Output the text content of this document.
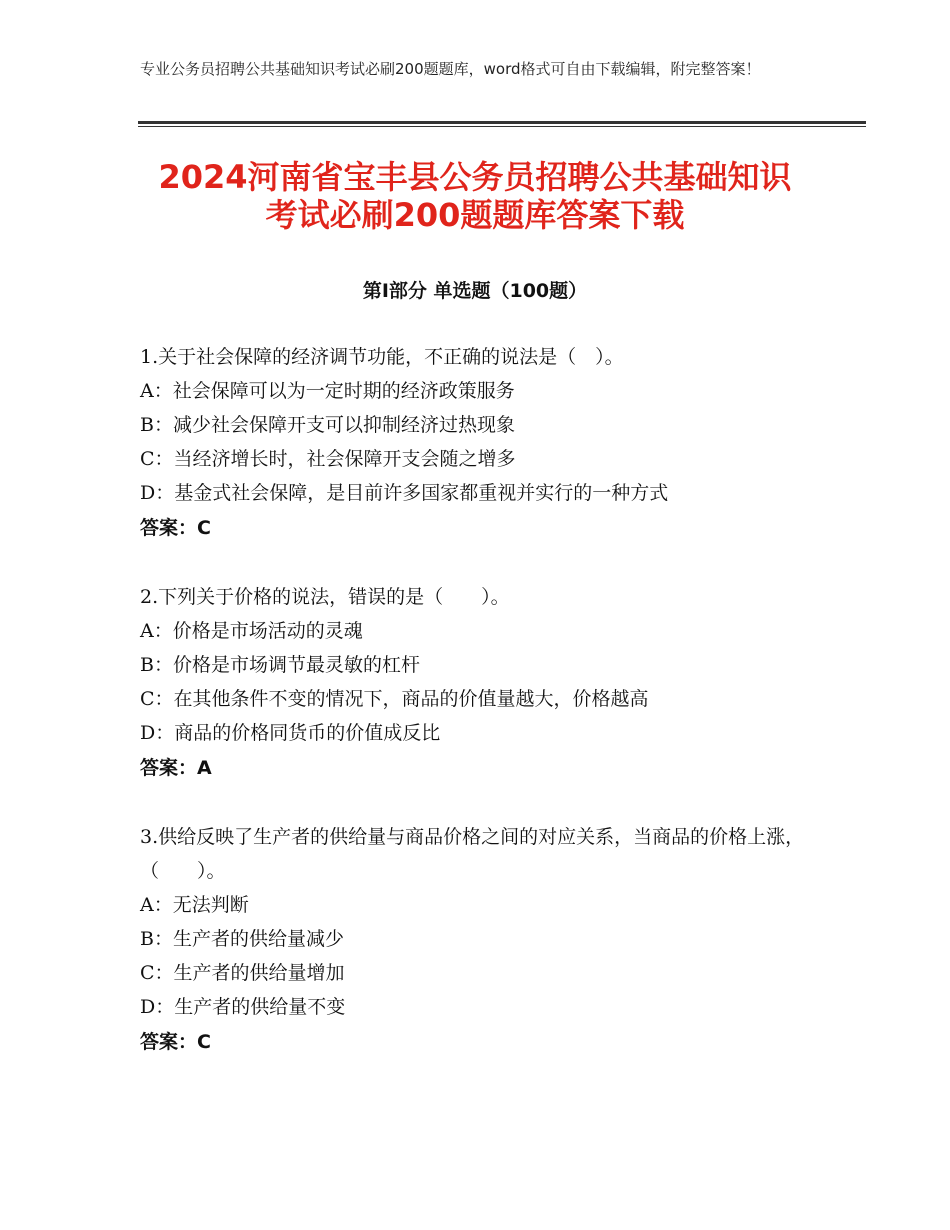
专业公务员招聘公共基础知识考试必刷200题题库，word格式可自由下载编辑，附完整答案！
2024河南省宝丰县公务员招聘公共基础知识
考试必刷200题题库答案下载
第Ⅰ部分 单选题（100题）

1.关于社会保障的经济调节功能，不正确的说法是（　）。

A：社会保障可以为一定时期的经济政策服务

B：减少社会保障开支可以抑制经济过热现象

C：当经济增长时，社会保障开支会随之增多

D：基金式社会保障，是目前许多国家都重视并实行的一种方式

答案：C

2.下列关于价格的说法，错误的是（　　）。

A：价格是市场活动的灵魂

B：价格是市场调节最灵敏的杠杆

C：在其他条件不变的情况下，商品的价值量越大，价格越高

D：商品的价格同货币的价值成反比

答案：A

3.供给反映了生产者的供给量与商品价格之间的对应关系，当商品的价格上涨，（　　）。

A：无法判断

B：生产者的供给量减少

C：生产者的供给量增加

D：生产者的供给量不变

答案：C
